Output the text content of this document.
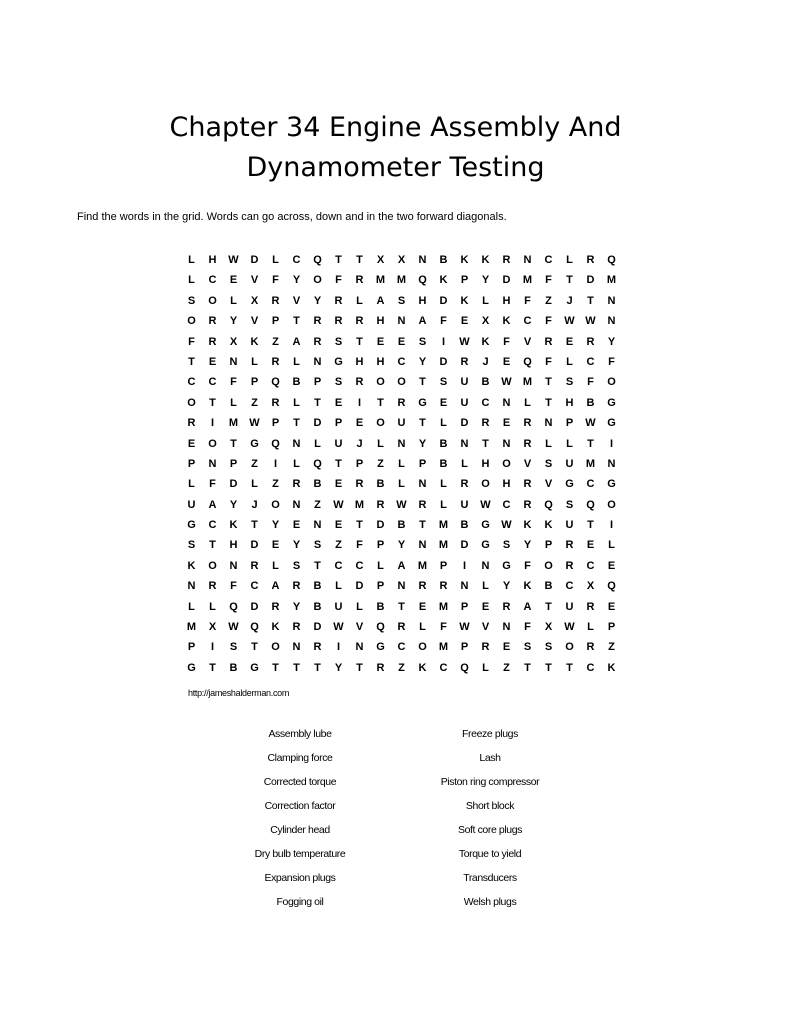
Chapter 34 Engine Assembly And
Dynamometer Testing
Find the words in the grid. Words can go across, down and in the two forward diagonals.
L	H	W	D	L	C	Q	T	T	X	X	N	B	K	K	R	N	C	L	R	Q
L	C	E	V	F	Y	O	F	R	M	M	Q	K	P	Y	D	M	F	T	D	M
S	O	L	X	R	V	Y	R	L	A	S	H	D	K	L	H	F	Z	J	T	N
O	R	Y	V	P	T	R	R	R	H	N	A	F	E	X	K	C	F	W W	N
F	R	X	K	Z	A	R	S	T	E	E	S	I	W	K	F	V	R	E	R	Y
T	E	N	L	R	L	N	G	H	H	C	Y	D	R	J	E	Q	F	L	C	F
C	C	F	P	Q	B	P	S	R	O	O	T	S	U	B	W	M	T	S	F	O
O	T	L	Z	R	L	T	E	I	T	R	G	E	U	C	N	L	T	H	B	G
R	I	M	W	P	T	D	P	E	O	U	T	L	D	R	E	R	N	P	W	G
E	O	T	G	Q	N	L	U	J	L	N	Y	B	N	T	N	R	L	L	T	I
P	N	P	Z	I	L	Q	T	P	Z	L	P	B	L	H	O	V	S	U	M	N
L	F	D	L	Z	R	B	E	R	B	L	N	L	R	O	H	R	V	G	C	G
U	A	Y	J	O	N	Z	W	M	R	W	R	L	U	W	C	R	Q	S	Q	O
G	C	K	T	Y	E	N	E	T	D	B	T	M	B	G	W	K	K	U	T	I
S	T	H	D	E	Y	S	Z	F	P	Y	N	M	D	G	S	Y	P	R	E	L
K	O	N	R	L	S	T	C	C	L	A	M	P	I	N	G	F	O	R	C	E
N	R	F	C	A	R	B	L	D	P	N	R	R	N	L	Y	K	B	C	X	Q
L	L	Q	D	R	Y	B	U	L	B	T	E	M	P	E	R	A	T	U	R	E
M	X	W	Q	K	R	D	W	V	Q	R	L	F	W	V	N	F	X	W	L	P
P	I	S	T	O	N	R	I	N	G	C	O	M	P	R	E	S	S	O	R	Z
G	T	B	G	T	T	T	Y	T	R	Z	K	C	Q	L	Z	T	T	T	C	K
http://jameshalderman.com
Assembly lube
Clamping force
Corrected torque
Correction factor
Cylinder head
Dry bulb temperature
Expansion plugs
Fogging oil
Freeze plugs
Lash
Piston ring compressor
Short block
Soft core plugs
Torque to yield
Transducers
Welsh plugs
